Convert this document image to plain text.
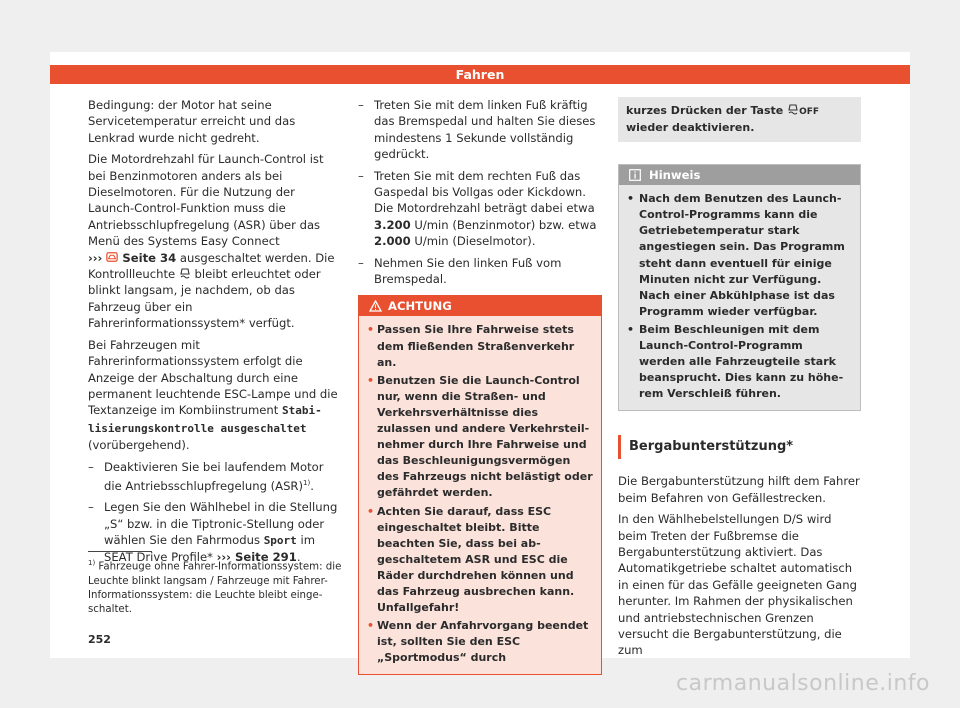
Fahren

Bedingung: der Motor hat seine Servicetemperatur erreicht und das Lenkrad wurde nicht gedreht.

Die Motordrehzahl für Launch-Control ist bei Benzinmotoren anders als bei Dieselmotoren. Für die Nutzung der Launch-Control-Funktion muss die Antriebsschlupfregelung (ASR) über das Menü des Systems Easy Connect
›››  Seite 34 ausgeschaltet werden. Die Kontrollleuchte  bleibt erleuchtet oder blinkt langsam, je nachdem, ob das Fahrzeug über ein Fahrerinformationssystem* verfügt.

Bei Fahrzeugen mit Fahrerinformationssystem erfolgt die Anzeige der Abschaltung durch eine permanent leuchtende ESC-Lampe und die Textanzeige im Kombiinstrument Stabilisierungskontrolle ausgeschaltet (vorübergehend).

– Deaktivieren Sie bei laufendem Motor die Antriebsschlupfregelung (ASR)$^{1)}$.
– Legen Sie den Wählhebel in die Stellung „S“ bzw. in die Tiptronic-Stellung oder wählen Sie den Fahrmodus Sport im SEAT Drive Profile* ››› Seite 291.
– Treten Sie mit dem linken Fuß kräftig das Bremspedal und halten Sie dieses mindestens 1 Sekunde vollständig gedrückt.
– Treten Sie mit dem rechten Fuß das Gaspedal bis Vollgas oder Kickdown. Die Motordrehzahl beträgt dabei etwa 3.200 U/min (Benzinmotor) bzw. etwa 2.000 U/min (Dieselmotor).
– Nehmen Sie den linken Fuß vom Bremspedal.
ACHTUNG
• Passen Sie Ihre Fahrweise stets dem fließenden Straßenverkehr an.
• Benutzen Sie die Launch-Control nur, wenn die Straßen- und Verkehrsverhältnisse dies zulassen und andere Verkehrsteilnehmer durch Ihre Fahrweise und das Beschleunigungsvermögen des Fahrzeugs nicht belästigt oder gefährdet werden.
• Achten Sie darauf, dass ESC eingeschaltet bleibt. Bitte beachten Sie, dass bei abgeschaltetem ASR und ESC die Räder durchdrehen können und das Fahrzeug ausbrechen kann. Unfallgefahr!
• Wenn der Anfahrvorgang beendet ist, sollten Sie den ESC „Sportmodus“ durch
kurzes Drücken der Taste OFF wieder deaktivieren.
Hinweis
• Nach dem Benutzen des Launch-Control-Programms kann die Getriebetemperatur stark angestiegen sein. Das Programm steht dann eventuell für einige Minuten nicht zur Verfügung. Nach einer Abkühlphase ist das Programm wieder verfügbar.
• Beim Beschleunigen mit dem Launch-Control-Programm werden alle Fahrzeugteile stark beansprucht. Dies kann zu höherem Verschleiß führen.
Bergabunterstützung*

Die Bergabunterstützung hilft dem Fahrer beim Befahren von Gefällestrecken.

In den Wählhebelstellungen D/S wird beim Treten der Fußbremse die Bergabunterstützung aktiviert. Das Automatikgetriebe schaltet automatisch in einen für das Gefälle geeigneten Gang herunter. Im Rahmen der physikalischen und antriebstechnischen Grenzen versucht die Bergabunterstützung, die zum

$^{1)}$ Fahrzeuge ohne Fahrer-Informationssystem: die Leuchte blinkt langsam / Fahrzeuge mit Fahrer-Informationssystem: die Leuchte bleibt eingeschaltet.
252
carmanualsonline.info
